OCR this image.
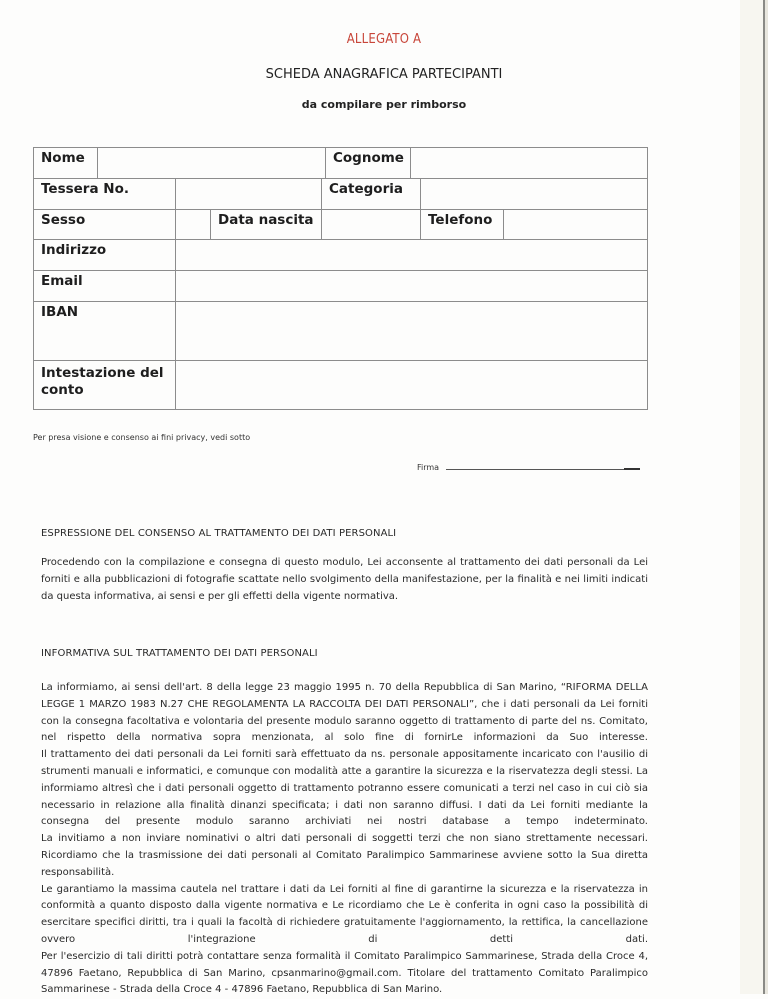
ALLEGATO A
SCHEDA ANAGRAFICA PARTECIPANTI
da compilare per rimborso
Nome	Cognome
Tessera No.	Categoria
Sesso	Data nascita	Telefono
Indirizzo
Email
IBAN
Intestazione del conto
Per presa visione e consenso ai fini privacy, vedi sotto
Firma
ESPRESSIONE DEL CONSENSO AL TRATTAMENTO DEI DATI PERSONALI

Procedendo con la compilazione e consegna di questo modulo, Lei acconsente al trattamento dei dati personali da Lei forniti e alla pubblicazioni di fotografie scattate nello svolgimento della manifestazione, per la finalità e nei limiti indicati da questa informativa, ai sensi e per gli effetti della vigente normativa.

INFORMATIVA SUL TRATTAMENTO DEI DATI PERSONALI

La informiamo, ai sensi dell'art. 8 della legge 23 maggio 1995 n. 70 della Repubblica di San Marino, “RIFORMA DELLA LEGGE 1 MARZO 1983 N.27 CHE REGOLAMENTA LA RACCOLTA DEI DATI PERSONALI”, che i dati personali da Lei forniti con la consegna facoltativa e volontaria del presente modulo saranno oggetto di trattamento di parte del ns. Comitato, nel rispetto della normativa sopra menzionata, al solo fine di fornirLe informazioni da Suo interesse.

Il trattamento dei dati personali da Lei forniti sarà effettuato da ns. personale appositamente incaricato con l'ausilio di strumenti manuali e informatici, e comunque con modalità atte a garantire la sicurezza e la riservatezza degli stessi. La informiamo altresì che i dati personali oggetto di trattamento potranno essere comunicati a terzi nel caso in cui ciò sia necessario in relazione alla finalità dinanzi specificata; i dati non saranno diffusi. I dati da Lei forniti mediante la consegna del presente modulo saranno archiviati nei nostri database a tempo indeterminato.

La invitiamo a non inviare nominativi o altri dati personali di soggetti terzi che non siano strettamente necessari. Ricordiamo che la trasmissione dei dati personali al Comitato Paralimpico Sammarinese avviene sotto la Sua diretta responsabilità.

Le garantiamo la massima cautela nel trattare i dati da Lei forniti al fine di garantirne la sicurezza e la riservatezza in conformità a quanto disposto dalla vigente normativa e Le ricordiamo che Le è conferita in ogni caso la possibilità di esercitare specifici diritti, tra i quali la facoltà di richiedere gratuitamente l'aggiornamento, la rettifica, la cancellazione ovvero l'integrazione di detti dati.

Per l'esercizio di tali diritti potrà contattare senza formalità il Comitato Paralimpico Sammarinese, Strada della Croce 4, 47896 Faetano, Repubblica di San Marino, cpsanmarino@gmail.com. Titolare del trattamento Comitato Paralimpico Sammarinese - Strada della Croce 4 - 47896 Faetano, Repubblica di San Marino.
